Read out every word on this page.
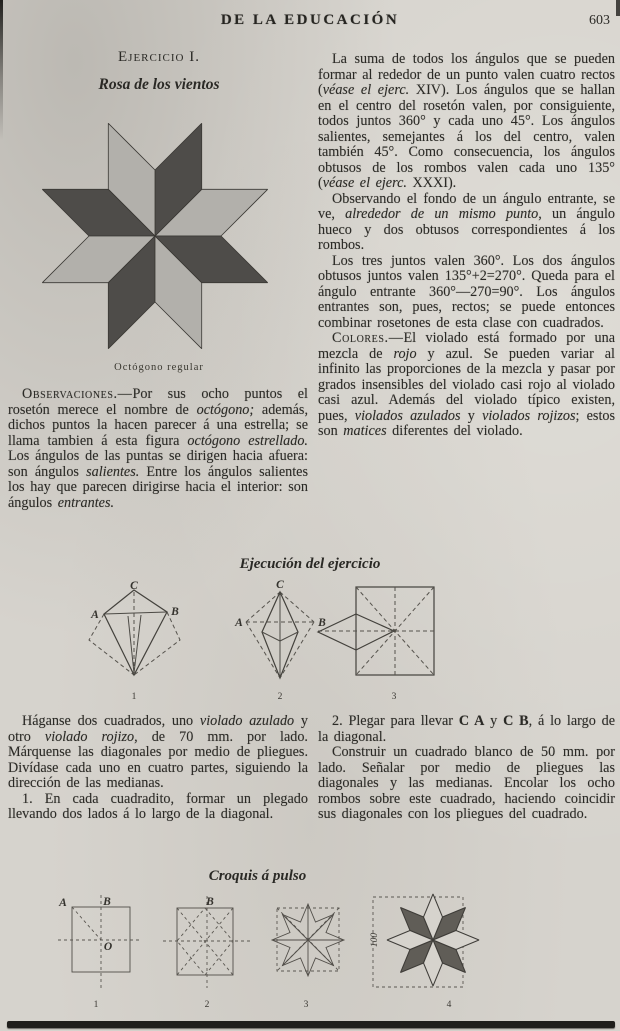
DE LA EDUCACIÓN	603
Ejercicio I.
Rosa de los vientos
Octógono regular

Observaciones.—Por sus ocho puntos el rosetón merece el nombre de octógono; además, dichos puntos la hacen parecer á una estrella; se llama tambien á esta figura octógono estrellado. Los ángulos de las puntas se dirigen hacia afuera: son ángulos salientes. Entre los ángulos salientes los hay que parecen dirigirse hacia el interior: son ángulos entrantes.

La suma de todos los ángulos que se pueden formar al rededor de un punto valen cuatro rectos (véase el ejerc. XIV). Los ángulos que se hallan en el centro del rosetón valen, por consiguiente, todos juntos 360° y cada uno 45°. Los ángulos salientes, semejantes á los del centro, valen también 45°. Como consecuencia, los ángulos obtusos de los rombos valen cada uno 135° (véase el ejerc. XXXI).

Observando el fondo de un ángulo entrante, se ve, alrededor de un mismo punto, un ángulo hueco y dos obtusos correspondientes á los rombos.

Los tres juntos valen 360°. Los dos ángulos obtusos juntos valen 135°+2=270°. Queda para el ángulo entrante 360°—270=90°. Los ángulos entrantes son, pues, rectos; se puede entonces combinar rosetones de esta clase con cuadrados.

Colores.—El violado está formado por una mezcla de rojo y azul. Se pueden variar al infinito las proporciones de la mezcla y pasar por grados insensibles del violado casi rojo al violado casi azul. Además del violado típico existen, pues, violados azulados y violados rojizos; estos son matices diferentes del violado.

Ejecución del ejercicio
C
A	B
1
C
A	B
2	3

Háganse dos cuadrados, uno violado azulado y otro violado rojizo, de 70 mm. por lado. Márquense las diagonales por medio de pliegues. Divídase cada uno en cuatro partes, siguiendo la dirección de las medianas.

1. En cada cuadradito, formar un plegado llevando dos lados á lo largo de la diagonal.

2. Plegar para llevar C A y C B, á lo largo de la diagonal.

Construir un cuadrado blanco de 50 mm. por lado. Señalar por medio de pliegues las diagonales y las medianas. Encolar los ocho rombos sobre este cuadrado, haciendo coincidir sus diagonales con los pliegues del cuadrado.

Croquis á pulso
A	B
O
1
B
2	3
100
4
